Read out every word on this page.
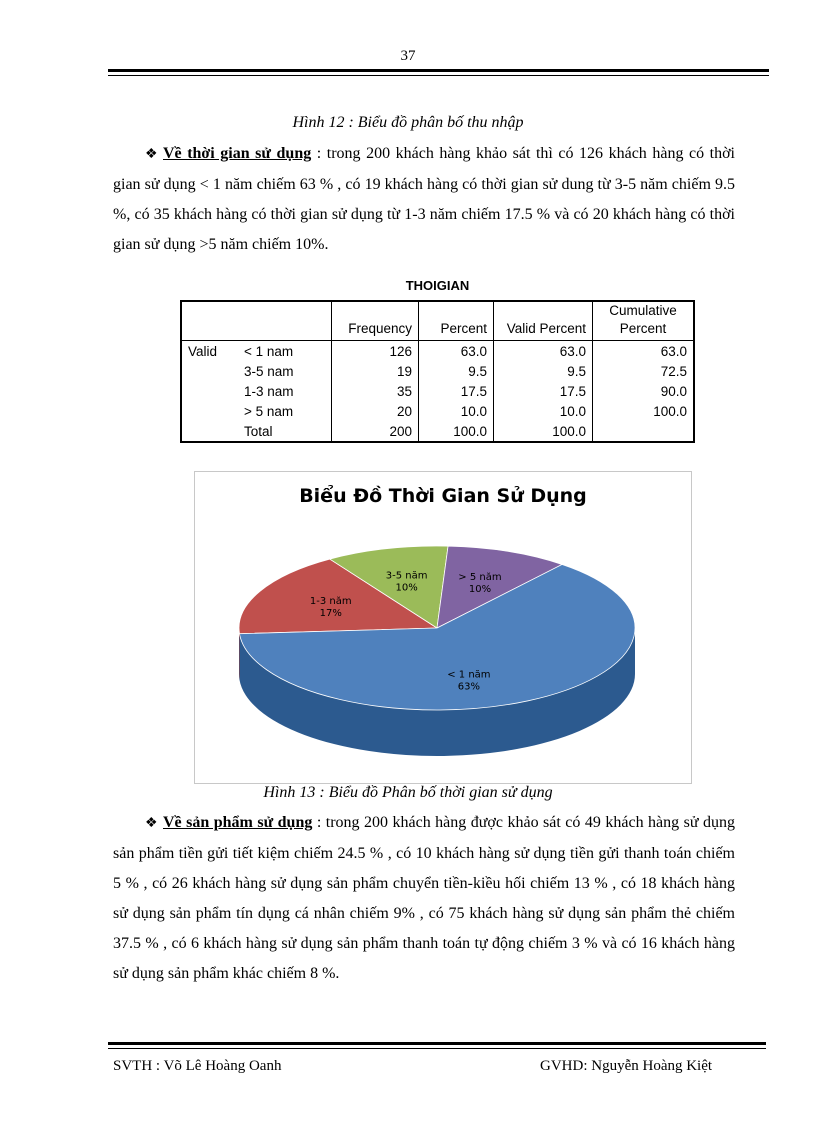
37
Hình 12 : Biểu đồ phân bố thu nhập
❖ Về thời gian sử dụng : trong 200 khách hàng khảo sát thì có 126 khách hàng có thời gian sử dụng < 1 năm chiếm 63 % , có 19 khách hàng có thời gian sử dung từ 3-5 năm chiếm 9.5 %, có 35 khách hàng có thời gian sử dụng từ 1-3 năm chiếm 17.5 % và có 20 khách hàng có thời gian sử dụng >5 năm chiếm 10%.
THOIGIAN
		Frequency	Percent	Valid Percent	Cumulative Percent
Valid	< 1 nam	126	63.0	63.0	63.0
	3-5 nam	19	9.5	9.5	72.5
	1-3 nam	35	17.5	17.5	90.0
	> 5 nam	20	10.0	10.0	100.0
	Total	200	100.0	100.0	
Biểu Đồ Thời Gian Sử Dụng
1-3 năm
17%
3-5 năm
10%
> 5 năm
10%
< 1 năm
63%
Hình 13 : Biểu đồ Phân bố thời gian sử dụng
❖ Về sản phẩm sử dụng : trong 200 khách hàng được khảo sát có 49 khách hàng sử dụng sản phẩm tiền gửi tiết kiệm chiếm 24.5 % , có 10 khách hàng sử dụng tiền gửi thanh toán chiếm 5 % , có 26 khách hàng sử dụng sản phẩm chuyển tiền-kiều hối chiếm 13 % , có 18 khách hàng sử dụng sản phẩm tín dụng cá nhân chiếm 9% , có 75 khách hàng sử dụng sản phẩm thẻ chiếm 37.5 % , có 6 khách hàng sử dụng sản phẩm thanh toán tự động chiếm 3 % và có 16 khách hàng sử dụng sản phẩm khác chiếm 8 %.
SVTH : Võ Lê Hoàng Oanh	GVHD: Nguyễn Hoàng Kiệt
